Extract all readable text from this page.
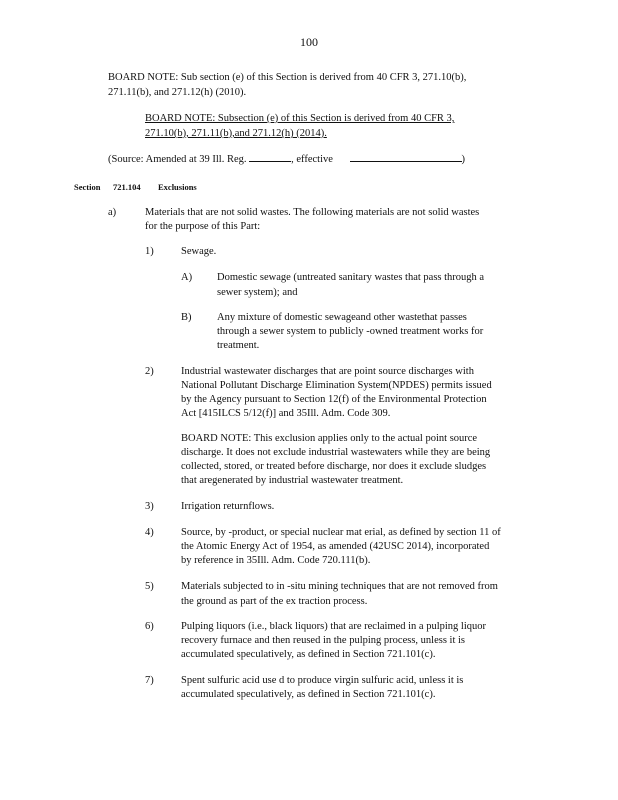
100
BOARD NOTE: Sub section (e) of this Section is derived from 40 CFR 3, 271.10(b),
271.11(b), and 271.12(h) (2010).
BOARD NOTE: Subsection (e) of this Section is derived from 40 CFR 3,
271.10(b), 271.11(b),and 271.12(h) (2014).
(Source: Amended at 39 Ill. Reg.	, effective	)
Section 721.104 Exclusions
a)	Materials that are not solid wastes. The following materials are not solid wastes
for the purpose of this Part:
1)	Sewage.
A) Domestic sewage (untreated sanitary wastes that pass through a
sewer system); and
B) Any mixture of domestic sewageand other wastethat passes
through a sewer system to publicly -owned treatment works for
treatment.
2)	Industrial wastewater discharges that are point source discharges with
National Pollutant Discharge Elimination System(NPDES) permits issued
by the Agency pursuant to Section 12(f) of the Environmental Protection
Act [415ILCS 5/12(f)] and 35Ill. Adm. Code 309.
BOARD NOTE: This exclusion applies only to the actual point source
discharge. It does not exclude industrial wastewaters while they are being
collected, stored, or treated before discharge, nor does it exclude sludges
that aregenerated by industrial wastewater treatment.
3)	Irrigation returnflows.
4)	Source, by -product, or special nuclear mat erial, as defined by section 11 of
the Atomic Energy Act of 1954, as amended (42USC 2014), incorporated
by reference in 35Ill. Adm. Code 720.111(b).
5)	Materials subjected to in -situ mining techniques that are not removed from
the ground as part of the ex traction process.
6)	Pulping liquors (i.e., black liquors) that are reclaimed in a pulping liquor
recovery furnace and then reused in the pulping process, unless it is
accumulated speculatively, as defined in Section 721.101(c).
7)	Spent sulfuric acid use d to produce virgin sulfuric acid, unless it is
accumulated speculatively, as defined in Section 721.101(c).
